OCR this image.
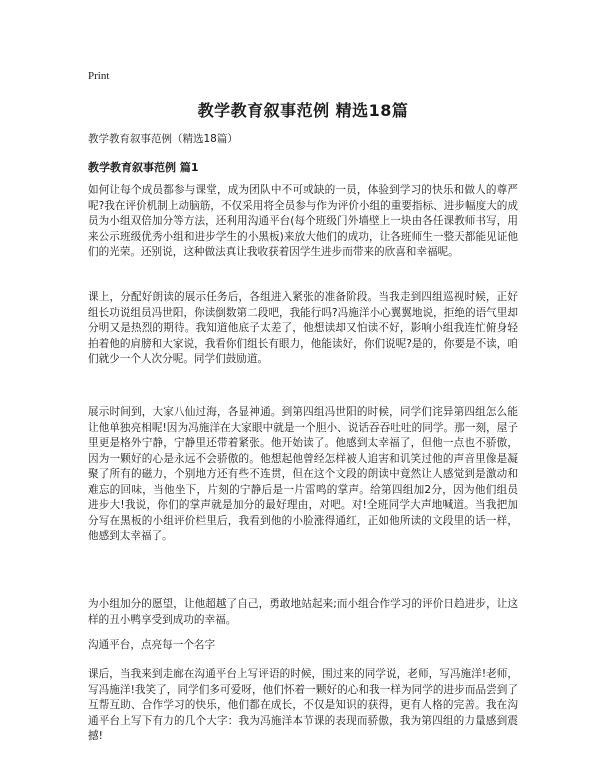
Print
教学教育叙事范例 精选18篇
教学教育叙事范例（精选18篇）
教学教育叙事范例 篇1

如何让每个成员都参与课堂，成为团队中不可或缺的一员，体验到学习的快乐和做人的尊严呢?我在评价机制上动脑筋，不仅采用将全员参与作为评价小组的重要指标、进步幅度大的成员为小组双倍加分等方法，还利用沟通平台(每个班级门外墙壁上一块由各任课教师书写，用来公示班级优秀小组和进步学生的小黑板)来放大他们的成功，让各班师生一整天都能见证他们的光荣。还别说，这种做法真让我收获着因学生进步而带来的欣喜和幸福呢。

课上，分配好朗读的展示任务后，各组进入紧张的准备阶段。当我走到四组巡视时候，正好组长功说组员冯世阳，你读倒数第二段吧，我能行吗?冯施洋小心翼翼地说，拒绝的语气里却分明又是热烈的期待。我知道他底子太差了，他想读却又怕读不好，影响小组我连忙俯身轻拍着他的肩膀和大家说，我看你们组长有眼力，他能读好，你们说呢?是的，你要是不读，咱们就少一个人次分呢。同学们鼓励道。

展示时间到，大家八仙过海，各显神通。到第四组冯世阳的时候，同学们诧异第四组怎么能让他单独亮相呢!因为冯施洋在大家眼中就是一个胆小、说话吞吞吐吐的同学。那一刻，屋子里更是格外宁静，宁静里还带着紧张。他开始读了。他感到太幸福了，但他一点也不骄傲，因为一颗好的心是永远不会骄傲的。他想起他曾经怎样被人追害和讥笑过他的声音里像是凝聚了所有的磁力，个别地方还有些不连贯，但在这个文段的朗读中竟然让人感觉到是激动和难忘的回味，当他坐下，片刻的宁静后是一片雷鸣的掌声。给第四组加2分，因为他们组员进步大!我说，你们的掌声就是加分的最好理由，对吧。对!全班同学大声地喊道。当我把加分写在黑板的小组评价栏里后，我看到他的小脸涨得通红，正如他所读的文段里的话一样，他感到太幸福了。

为小组加分的愿望，让他超越了自己，勇敢地站起来;而小组合作学习的评价日趋进步，让这样的丑小鸭享受到成功的幸福。

沟通平台，点亮每一个名字

课后，当我来到走廊在沟通平台上写评语的时候，围过来的同学说，老师，写冯施洋!老师，写冯施洋!我笑了，同学们多可爱呀，他们怀着一颗好的心和我一样为同学的进步而品尝到了互帮互助、合作学习的快乐，他们都在成长，不仅是知识的获得，更有人格的完善。我在沟通平台上写下有力的几个大字：我为冯施洋本节课的表现而骄傲，我为第四组的力量感到震撼!
